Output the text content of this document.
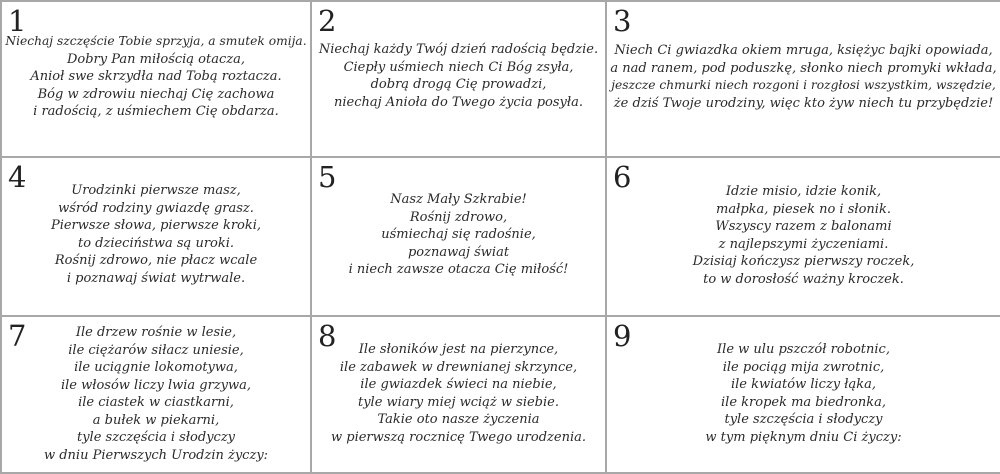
1
Niechaj szczęście Tobie sprzyja, a smutek omija.
Dobry Pan miłością otacza,
Anioł swe skrzydła nad Tobą roztacza.
Bóg w zdrowiu niechaj Cię zachowa
i radością, z uśmiechem Cię obdarza.
2
Niechaj każdy Twój dzień radością będzie.
Ciepły uśmiech niech Ci Bóg zsyła,
dobrą drogą Cię prowadzi,
niechaj Anioła do Twego życia posyła.
3
Niech Ci gwiazdka okiem mruga, księżyc bajki opowiada,
a nad ranem, pod poduszkę, słonko niech promyki wkłada,
jeszcze chmurki niech rozgoni i rozgłosi wszystkim, wszędzie,
że dziś Twoje urodziny, więc kto żyw niech tu przybędzie!
4	Urodzinki pierwsze masz,
wśród rodziny gwiazdę grasz.
Pierwsze słowa, pierwsze kroki,
to dzieciństwa są uroki.
Rośnij zdrowo, nie płacz wcale
i poznawaj świat wytrwale.
5
Nasz Mały Szkrabie!
Rośnij zdrowo,
uśmiechaj się radośnie,
poznawaj świat
i niech zawsze otacza Cię miłość!
6	Idzie misio, idzie konik,
małpka, piesek no i słonik.
Wszyscy razem z balonami
z najlepszymi życzeniami.
Dzisiaj kończysz pierwszy roczek,
to w dorosłość ważny kroczek.
7	Ile drzew rośnie w lesie,
ile ciężarów siłacz uniesie,
ile uciągnie lokomotywa,
ile włosów liczy lwia grzywa,
ile ciastek w ciastkarni,
a bułek w piekarni,
tyle szczęścia i słodyczy
w dniu Pierwszych Urodzin życzy:
8	Ile słoników jest na pierzynce,
ile zabawek w drewnianej skrzynce,
ile gwiazdek świeci na niebie,
tyle wiary miej wciąż w siebie.
Takie oto nasze życzenia
w pierwszą rocznicę Twego urodzenia.
9	Ile w ulu pszczół robotnic,
ile pociąg mija zwrotnic,
ile kwiatów liczy łąka,
ile kropek ma biedronka,
tyle szczęścia i słodyczy
w tym pięknym dniu Ci życzy:
